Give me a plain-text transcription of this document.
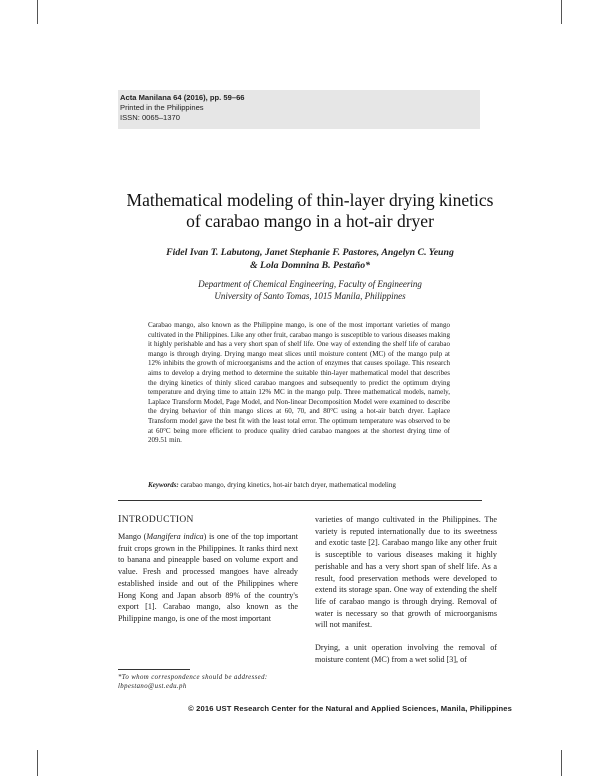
Acta Manilana 64 (2016), pp. 59–66
Printed in the Philippines
ISSN: 0065–1370
Mathematical modeling of thin-layer drying kinetics
of carabao mango in a hot-air dryer
Fidel Ivan T. Labutong, Janet Stephanie F. Pastores, Angelyn C. Yeung
& Lola Domnina B. Pestaño*
Department of Chemical Engineering, Faculty of Engineering
University of Santo Tomas, 1015 Manila, Philippines
Carabao mango, also known as the Philippine mango, is one of the most important varieties of mango cultivated in the Philippines. Like any other fruit, carabao mango is susceptible to various diseases making it highly perishable and has a very short span of shelf life. One way of extending the shelf life of carabao mango is through drying. Drying mango meat slices until moisture content (MC) of the mango pulp at 12% inhibits the growth of microorganisms and the action of enzymes that causes spoilage. This research aims to develop a drying method to determine the suitable thin-layer mathematical model that describes the drying kinetics of thinly sliced carabao mangoes and subsequently to predict the optimum drying temperature and drying time to attain 12% MC in the mango pulp. Three mathematical models, namely, Laplace Transform Model, Page Model, and Non-linear Decomposition Model were examined to describe the drying behavior of thin mango slices at 60, 70, and 80°C using a hot-air batch dryer. Laplace Transform model gave the best fit with the least total error. The optimum temperature was observed to be at 60°C being more efficient to produce quality dried carabao mangoes at the shortest drying time of 209.51 min.
Keywords: carabao mango, drying kinetics, hot-air batch dryer, mathematical modeling
INTRODUCTION
Mango (Mangifera indica) is one of the top important fruit crops grown in the Philippines. It ranks third next to banana and pineapple based on volume export and value. Fresh and processed mangoes have already established inside and out of the Philippines where Hong Kong and Japan absorb 89% of the country's export [1]. Carabao mango, also known as the Philippine mango, is one of the most important

varieties of mango cultivated in the Philippines. The variety is reputed internationally due to its sweetness and exotic taste [2]. Carabao mango like any other fruit is susceptible to various diseases making it highly perishable and has a very short span of shelf life. As a result, food preservation methods were developed to extend its storage span. One way of extending the shelf life of carabao mango is through drying. Removal of water is necessary so that growth of microorganisms will not manifest.

Drying, a unit operation involving the removal of moisture content (MC) from a wet solid [3], of

*To whom correspondence should be addressed:
lbpestano@ust.edu.ph
© 2016 UST Research Center for the Natural and Applied Sciences, Manila, Philippines
